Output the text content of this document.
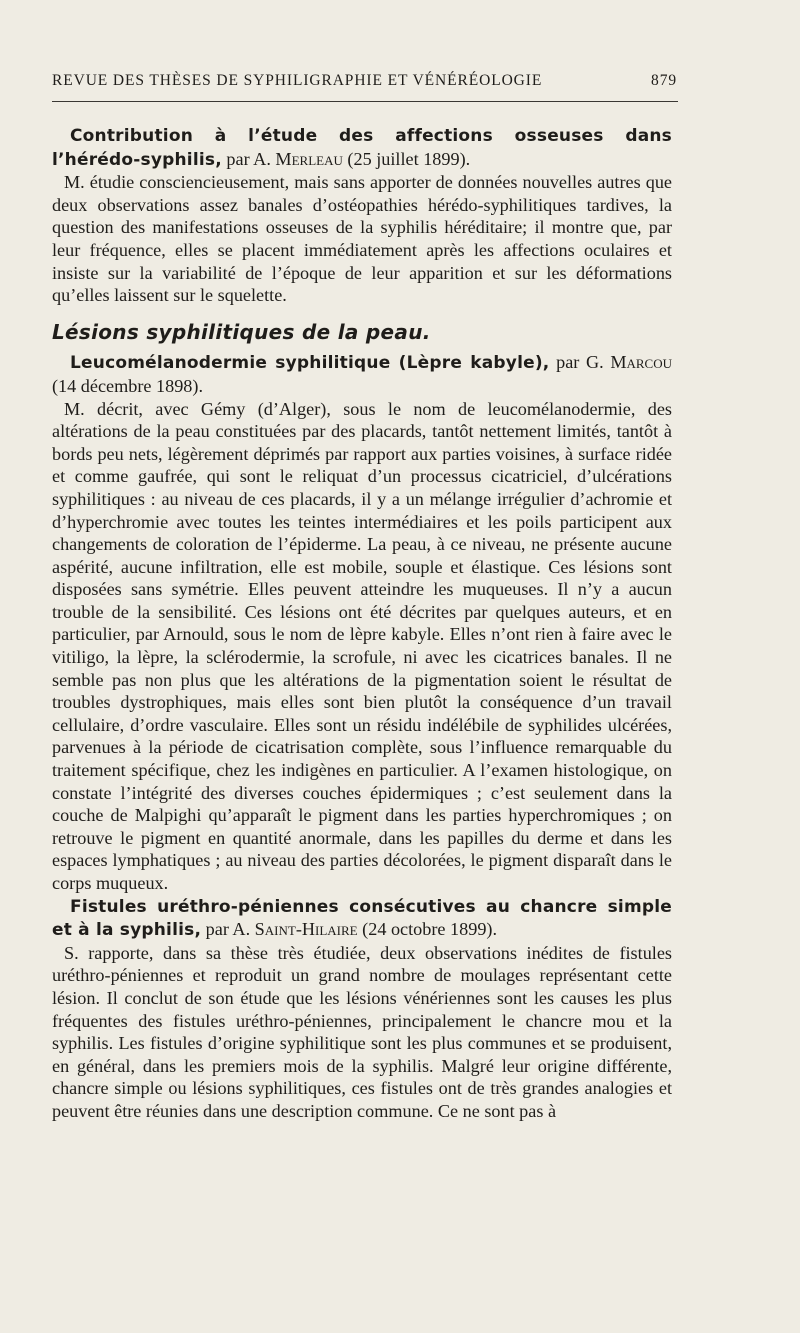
REVUE DES THÈSES DE SYPHILIGRAPHIE ET VÉNÉRÉOLOGIE	879

Contribution à l’étude des affections osseuses dans l’hérédo-syphilis, par A. Merleau (25 juillet 1899).

M. étudie consciencieusement, mais sans apporter de données nouvelles autres que deux observations assez banales d’ostéopathies hérédo-syphilitiques tardives, la question des manifestations osseuses de la syphilis héréditaire; il montre que, par leur fréquence, elles se placent immédiatement après les affections oculaires et insiste sur la variabilité de l’époque de leur apparition et sur les déformations qu’elles laissent sur le squelette.

Lésions syphilitiques de la peau.

Leucomélanodermie syphilitique (Lèpre kabyle), par G. Marcou (14 décembre 1898).

M. décrit, avec Gémy (d’Alger), sous le nom de leucomélanodermie, des altérations de la peau constituées par des placards, tantôt nettement limités, tantôt à bords peu nets, légèrement déprimés par rapport aux parties voisines, à surface ridée et comme gaufrée, qui sont le reliquat d’un processus cicatriciel, d’ulcérations syphilitiques : au niveau de ces placards, il y a un mélange irrégulier d’achromie et d’hyperchromie avec toutes les teintes intermédiaires et les poils participent aux changements de coloration de l’épiderme. La peau, à ce niveau, ne présente aucune aspérité, aucune infiltration, elle est mobile, souple et élastique. Ces lésions sont disposées sans symétrie. Elles peuvent atteindre les muqueuses. Il n’y a aucun trouble de la sensibilité. Ces lésions ont été décrites par quelques auteurs, et en particulier, par Arnould, sous le nom de lèpre kabyle. Elles n’ont rien à faire avec le vitiligo, la lèpre, la sclérodermie, la scrofule, ni avec les cicatrices banales. Il ne semble pas non plus que les altérations de la pigmentation soient le résultat de troubles dystrophiques, mais elles sont bien plutôt la conséquence d’un travail cellulaire, d’ordre vasculaire. Elles sont un résidu indélébile de syphilides ulcérées, parvenues à la période de cicatrisation complète, sous l’influence remarquable du traitement spécifique, chez les indigènes en particulier. A l’examen histologique, on constate l’intégrité des diverses couches épidermiques ; c’est seulement dans la couche de Malpighi qu’apparaît le pigment dans les parties hyperchromiques ; on retrouve le pigment en quantité anormale, dans les papilles du derme et dans les espaces lymphatiques ; au niveau des parties décolorées, le pigment disparaît dans le corps muqueux.

Fistules uréthro-péniennes consécutives au chancre simple et à la syphilis, par A. Saint-Hilaire (24 octobre 1899).

S. rapporte, dans sa thèse très étudiée, deux observations inédites de fistules uréthro-péniennes et reproduit un grand nombre de moulages représentant cette lésion. Il conclut de son étude que les lésions vénériennes sont les causes les plus fréquentes des fistules uréthro-péniennes, principalement le chancre mou et la syphilis. Les fistules d’origine syphilitique sont les plus communes et se produisent, en général, dans les premiers mois de la syphilis. Malgré leur origine différente, chancre simple ou lésions syphilitiques, ces fistules ont de très grandes analogies et peuvent être réunies dans une description commune. Ce ne sont pas à
